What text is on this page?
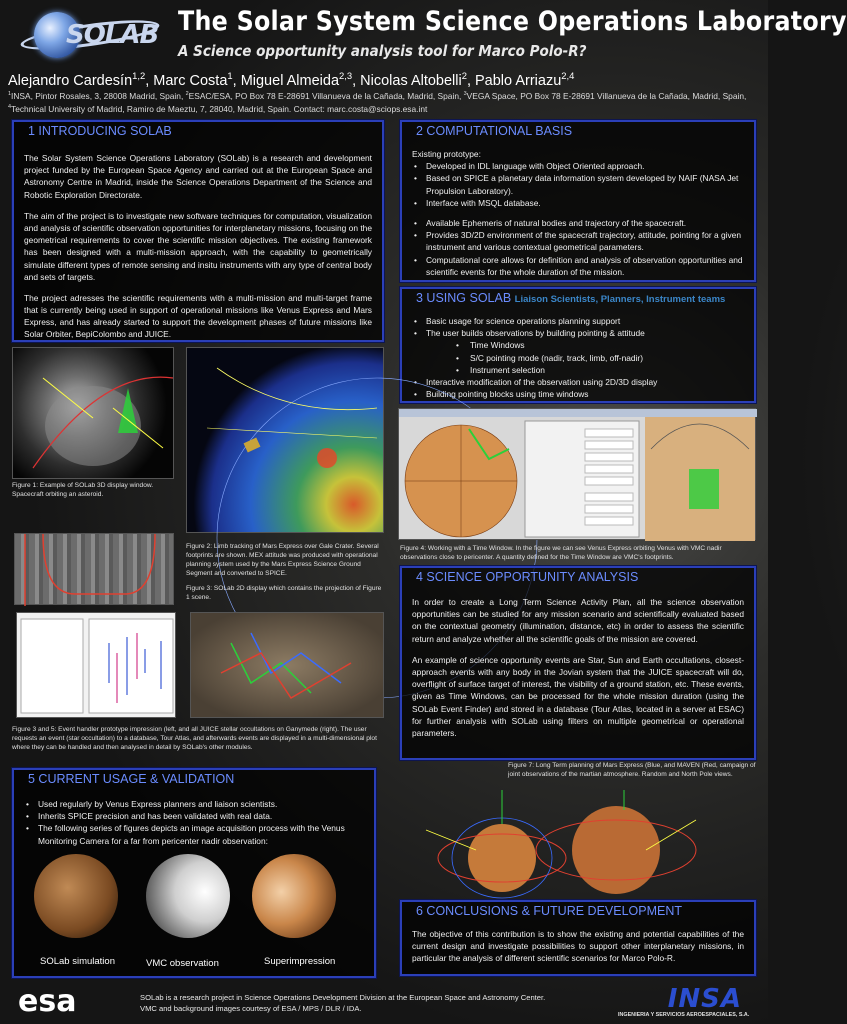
SOLAB The Solar System Science Operations Laboratory
A Science opportunity analysis tool for Marco Polo-R?
Alejandro Cardesín$^{1,2}$, Marc Costa$^1$, Miguel Almeida$^{2,3}$, Nicolas Altobelli$^2$, Pablo Arriazu$^{2,4}$
$^1$INSA, Pintor Rosales, 3, 28008 Madrid, Spain, $^2$ESAC/ESA, PO Box 78 E-28691 Villanueva de la Cañada, Madrid, Spain, $^3$VEGA Space, PO Box 78 E-28691 Villanueva de la Cañada, Madrid, Spain, $^4$Technical University of Madrid, Ramiro de Maeztu, 7, 28040, Madrid, Spain. Contact: marc.costa@sciops.esa.int
1 INTRODUCING SOLAB

The Solar System Science Operations Laboratory (SOLab) is a research and development project funded by the European Space Agency and carried out at the European Space and Astronomy Centre in Madrid, inside the Science Operations Department of the Science and Robotic Exploration Directorate.

The aim of the project is to investigate new software techniques for computation, visualization and analysis of scientific observation opportunities for interplanetary missions, focusing on the geometrical requirements to cover the scientific mission objectives. The existing framework has been designed with a multi-mission approach, with the capability to geometrically simulate different types of remote sensing and insitu instruments with any type of central body and sets of targets.

The project adresses the scientific requirements with a multi-mission and multi-target frame that is currently being used in support of operational missions like Venus Express and Mars Express, and has already started to support the development phases of future missions like Solar Orbiter, BepiColombo and JUICE.

2 COMPUTATIONAL BASIS
Existing prototype:
• Developed in IDL language with Object Oriented approach.
• Based on SPICE a planetary data information system developed by NAIF (NASA Jet Propulsion Laboratory).
• Interface with MSQL database.
• Available Ephemeris of natural bodies and trajectory of the spacecraft.
• Provides 3D/2D environment of the spacecraft trajectory, attitude, pointing for a given instrument and various contextual geometrical parameters.
• Computational core allows for definition and analysis of observation opportunities and scientific events for the whole duration of the mission.
3 USING SOLAB Liaison Scientists, Planners, Instrument teams
• Basic usage for science operations planning support
• The user builds observations by building pointing & attitude
• Time Windows
• S/C pointing mode (nadir, track, limb, off-nadir)
• Instrument selection
• Interactive modification of the observation using 2D/3D display
• Building pointing blocks using time windows
Figure 1: Example of SOLab 3D display window. Spacecraft orbiting an asteroid.
Figure 2: Limb tracking of Mars Express over Gale Crater. Several footprints are shown. MEX attitude was produced with operational planning system used by the Mars Express Science Ground Segment and converted to SPICE.
Figure 3: SOLab 2D display which contains the projection of Figure 1 scene.
Figure 3 and 5: Event handler prototype impression (left, and all JUICE stellar occultations on Ganymede (right). The user requests an event (star occultation) to a database, Tour Atlas, and afterwards events are displayed in a multi-dimensional plot where they can be handled and then analysed in detail by SOLab's other modules.
Figure 4: Working with a Time Window. In the figure we can see Venus Express orbiting Venus with VMC nadir observations close to pericenter. A quantity defined for the Time Window are VMC's footprints.
4 SCIENCE OPPORTUNITY ANALYSIS

In order to create a Long Term Science Activity Plan, all the science observation opportunities can be studied for any mission scenario and scientifically evaluated based on the contextual geometry (illumination, distance, etc) in order to assess the scientific return and analyze whether all the scientific goals of the mission are covered.

An example of science opportunity events are Star, Sun and Earth occultations, closest-approach events with any body in the Jovian system that the JUICE spacecraft will do, overflight of surface target of interest, the visibility of a ground station, etc. These events, given as Time Windows, can be processed for the whole mission duration (using the SOLab Event Finder) and stored in a database (Tour Atlas, located in a server at ESAC) for further analysis with SOLab using filters on multiple geometrical or operational parameters.

5 CURRENT USAGE & VALIDATION
• Used regularly by Venus Express planners and liaison scientists.
• Inherits SPICE precision and has been validated with real data.
• The following series of figures depicts an image acquisition process with the Venus Monitoring Camera for a far from pericenter nadir observation:
SOLab simulation	VMC observation	Superimpression
Figure 7: Long Term planning of Mars Express (Blue, and MAVEN (Red, campaign of joint observations of the martian atmosphere. Random and North Pole views.
6 CONCLUSIONS & FUTURE DEVELOPMENT

The objective of this contribution is to show the existing and potential capabilities of the current design and investigate possibilities to support other interplanetary missions, in particular the analysis of different scientific scenarios for Marco Polo-R.

esa	SOLab is a research project in Science Operations Development Division at the European Space and Astronomy Center.
VMC and background images courtesy of ESA / MPS / DLR / IDA.	INSA
INGENIERIA Y SERVICIOS AEROESPACIALES, S.A.
